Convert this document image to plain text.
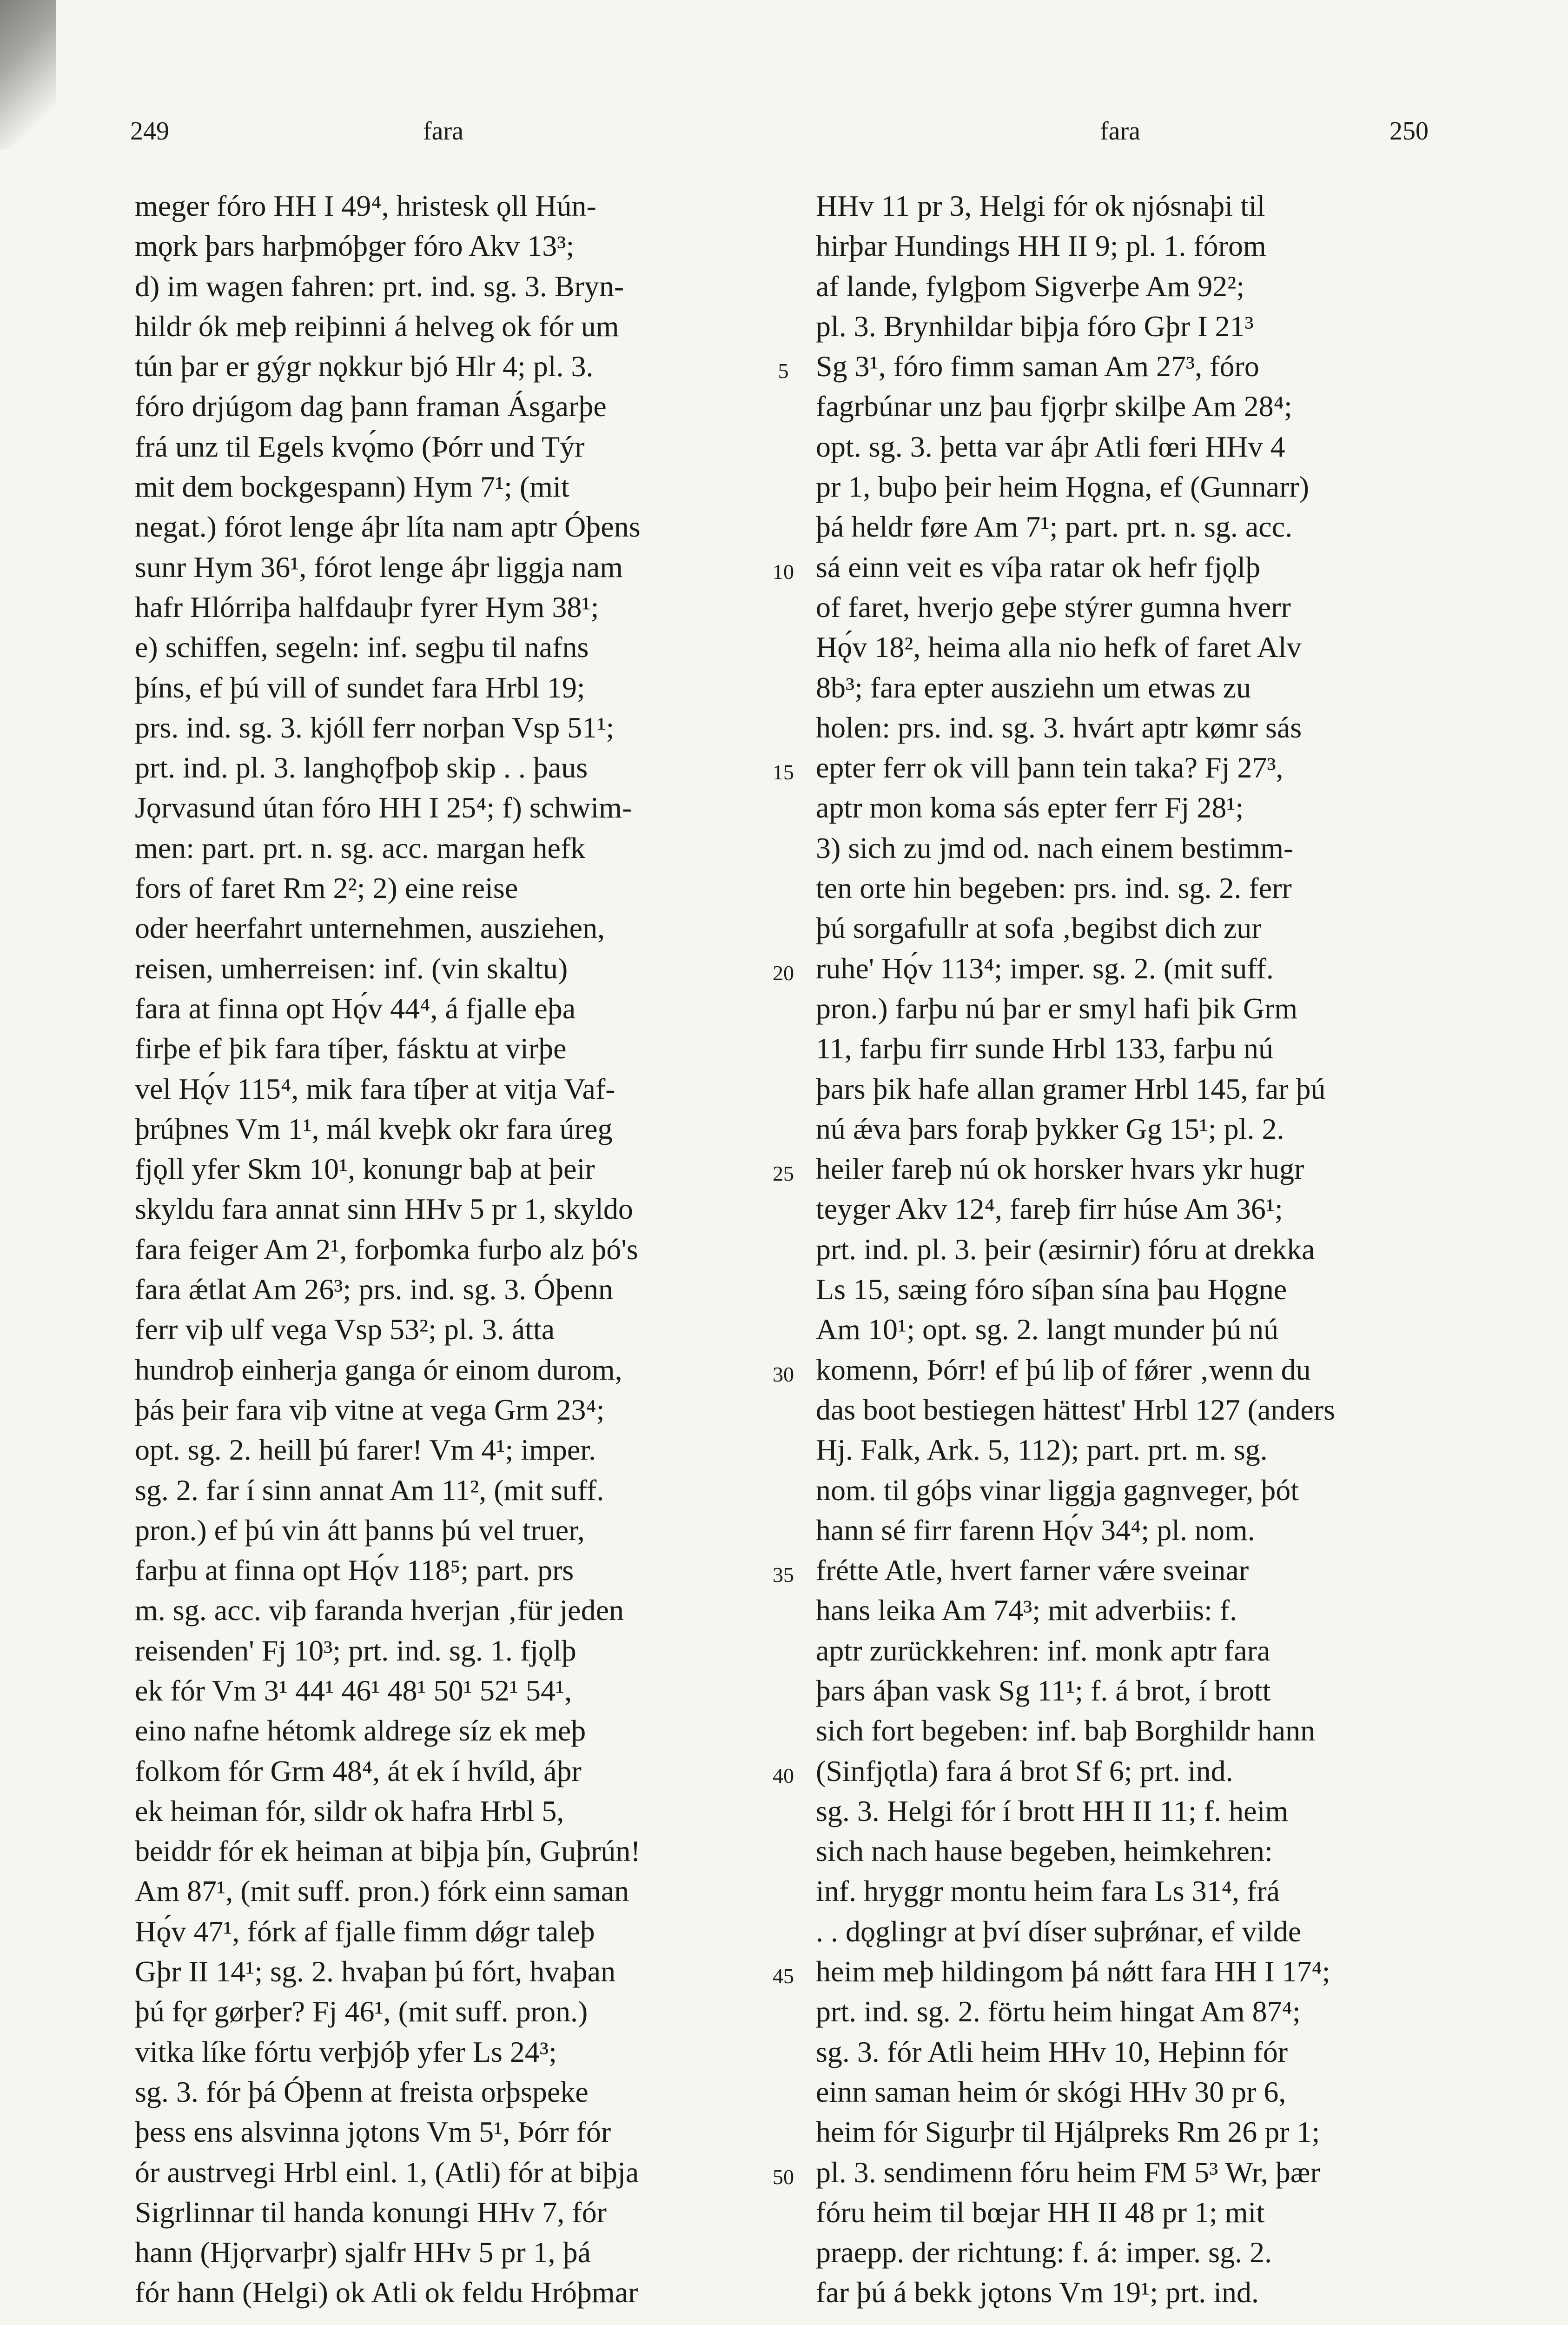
249	fara	fara	250
meger fóro HH I 49⁴, hristesk ǫll Hún-
mǫrk þars harþmóþger fóro Akv 13³;
d) im wagen fahren: prt. ind. sg. 3. Bryn-
hildr ók meþ reiþinni á helveg ok fór um
tún þar er gýgr nǫkkur bjó Hlr 4; pl. 3.
fóro drjúgom dag þann framan Ásgarþe
frá unz til Egels kvǫ́mo (Þórr und Týr
mit dem bockgespann) Hym 7¹; (mit
negat.) fórot lenge áþr líta nam aptr Óþens
sunr Hym 36¹, fórot lenge áþr liggja nam
hafr Hlórriþa halfdauþr fyrer Hym 38¹;
e) schiffen, segeln: inf. segþu til nafns
þíns, ef þú vill of sundet fara Hrbl 19;
prs. ind. sg. 3. kjóll ferr norþan Vsp 51¹;
prt. ind. pl. 3. langhǫfþoþ skip . . þaus
Jǫrvasund útan fóro HH I 25⁴; f) schwim-
men: part. prt. n. sg. acc. margan hefk
fors of faret Rm 2²; 2) eine reise
oder heerfahrt unternehmen, ausziehen,
reisen, umherreisen: inf. (vin skaltu)
fara at finna opt Hǫ́v 44⁴, á fjalle eþa
firþe ef þik fara tíþer, fásktu at virþe
vel Hǫ́v 115⁴, mik fara tíþer at vitja Vaf-
þrúþnes Vm 1¹, mál kveþk okr fara úreg
fjǫll yfer Skm 10¹, konungr baþ at þeir
skyldu fara annat sinn HHv 5 pr 1, skyldo
fara feiger Am 2¹, forþomka furþo alz þó's
fara ǽtlat Am 26³; prs. ind. sg. 3. Óþenn
ferr viþ ulf vega Vsp 53²; pl. 3. átta
hundroþ einherja ganga ór einom durom,
þás þeir fara viþ vitne at vega Grm 23⁴;
opt. sg. 2. heill þú farer! Vm 4¹; imper.
sg. 2. far í sinn annat Am 11², (mit suff.
pron.) ef þú vin átt þanns þú vel truer,
farþu at finna opt Hǫ́v 118⁵; part. prs
m. sg. acc. viþ faranda hverjan ‚für jeden
reisenden' Fj 10³; prt. ind. sg. 1. fjǫlþ
ek fór Vm 3¹ 44¹ 46¹ 48¹ 50¹ 52¹ 54¹,
eino nafne hétomk aldrege síz ek meþ
folkom fór Grm 48⁴, át ek í hvíld, áþr
ek heiman fór, sildr ok hafra Hrbl 5,
beiddr fór ek heiman at biþja þín, Guþrún!
Am 87¹, (mit suff. pron.) fórk einn saman
Hǫ́v 47¹, fórk af fjalle fimm dǿgr taleþ
Gþr II 14¹; sg. 2. hvaþan þú fórt, hvaþan
þú fǫr gørþer? Fj 46¹, (mit suff. pron.)
vitka líke fórtu verþjóþ yfer Ls 24³;
sg. 3. fór þá Óþenn at freista orþspeke
þess ens alsvinna jǫtons Vm 5¹, Þórr fór
ór austrvegi Hrbl einl. 1, (Atli) fór at biþja
Sigrlinnar til handa konungi HHv 7, fór
hann (Hjǫrvarþr) sjalfr HHv 5 pr 1, þá
fór hann (Helgi) ok Atli ok feldu Hróþmar
HHv 11 pr 3, Helgi fór ok njósnaþi til
hirþar Hundings HH II 9; pl. 1. fórom
af lande, fylgþom Sigverþe Am 92²;
pl. 3. Brynhildar biþja fóro Gþr I 21³
Sg 3¹, fóro fimm saman Am 27³, fóro
fagrbúnar unz þau fjǫrþr skilþe Am 28⁴;
opt. sg. 3. þetta var áþr Atli fœri HHv 4
pr 1, buþo þeir heim Hǫgna, ef (Gunnarr)
þá heldr føre Am 7¹; part. prt. n. sg. acc.
sá einn veit es víþa ratar ok hefr fjǫlþ
of faret, hverjo geþe stýrer gumna hverr
Hǫ́v 18², heima alla nio hefk of faret Alv
8b³; fara epter ausziehn um etwas zu
holen: prs. ind. sg. 3. hvárt aptr kømr sás
epter ferr ok vill þann tein taka? Fj 27³,
aptr mon koma sás epter ferr Fj 28¹;
3) sich zu jmd od. nach einem bestimm-
ten orte hin begeben: prs. ind. sg. 2. ferr
þú sorgafullr at sofa ‚begibst dich zur
ruhe' Hǫ́v 113⁴; imper. sg. 2. (mit suff.
pron.) farþu nú þar er smyl hafi þik Grm
11, farþu firr sunde Hrbl 133, farþu nú
þars þik hafe allan gramer Hrbl 145, far þú
nú ǽva þars foraþ þykker Gg 15¹; pl. 2.
heiler fareþ nú ok horsker hvars ykr hugr
teyger Akv 12⁴, fareþ firr húse Am 36¹;
prt. ind. pl. 3. þeir (æsirnir) fóru at drekka
Ls 15, sæing fóro síþan sína þau Hǫgne
Am 10¹; opt. sg. 2. langt munder þú nú
komenn, Þórr! ef þú liþ of fǿrer ‚wenn du
das boot bestiegen hättest' Hrbl 127 (anders
Hj. Falk, Ark. 5, 112); part. prt. m. sg.
nom. til góþs vinar liggja gagnveger, þót
hann sé firr farenn Hǫ́v 34⁴; pl. nom.
frétte Atle, hvert farner vǽre sveinar
hans leika Am 74³; mit adverbiis: f.
aptr zurückkehren: inf. monk aptr fara
þars áþan vask Sg 11¹; f. á brot, í brott
sich fort begeben: inf. baþ Borghildr hann
(Sinfjǫtla) fara á brot Sf 6; prt. ind.
sg. 3. Helgi fór í brott HH II 11; f. heim
sich nach hause begeben, heimkehren:
inf. hryggr montu heim fara Ls 31⁴, frá
. . dǫglingr at því díser suþrǿnar, ef vilde
heim meþ hildingom þá nǿtt fara HH I 17⁴;
prt. ind. sg. 2. förtu heim hingat Am 87⁴;
sg. 3. fór Atli heim HHv 10, Heþinn fór
einn saman heim ór skógi HHv 30 pr 6,
heim fór Sigurþr til Hjálpreks Rm 26 pr 1;
pl. 3. sendimenn fóru heim FM 5³ Wr, þær
fóru heim til bœjar HH II 48 pr 1; mit
praepp. der richtung: f. á: imper. sg. 2.
far þú á bekk jǫtons Vm 19¹; prt. ind.
5
10
15
20
25
30
35
40
45
50
